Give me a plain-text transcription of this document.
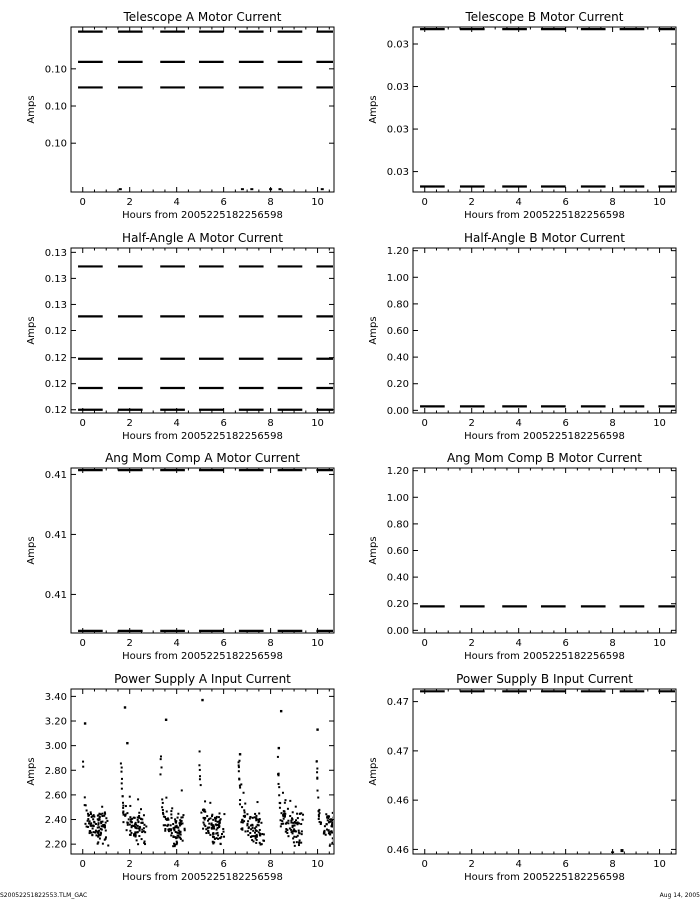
Telescope A Motor Current
0	2	4	6	8	10
0.10
0.10
0.10
Hours from 2005225182256598
Amps
Telescope B Motor Current
0	2	4	6	8	10
0.03
0.03
0.03
0.03
Hours from 2005225182256598
Amps
Half-Angle A Motor Current
0	2	4	6	8	10
0.12
0.12
0.12
0.12
0.13
0.13
0.13
Hours from 2005225182256598
Amps
Half-Angle B Motor Current
0	2	4	6	8	10
0.00
0.20
0.40
0.60
0.80
1.00
1.20
Hours from 2005225182256598
Amps
Ang Mom Comp A Motor Current
0	2	4	6	8	10
0.41
0.41
0.41
Hours from 2005225182256598
Amps
Ang Mom Comp B Motor Current
0	2	4	6	8	10
0.00
0.20
0.40
0.60
0.80
1.00
1.20
Hours from 2005225182256598
Amps
Power Supply A Input Current
0	2	4	6	8	10
2.20
2.40
2.60
2.80
3.00
3.20
3.40
Hours from 2005225182256598
Amps
Power Supply B Input Current
0	2	4	6	8	10
0.46
0.46
0.47
0.47
Hours from 2005225182256598
Amps
S20052251822553.TLM_GAC	Aug 14, 2005
